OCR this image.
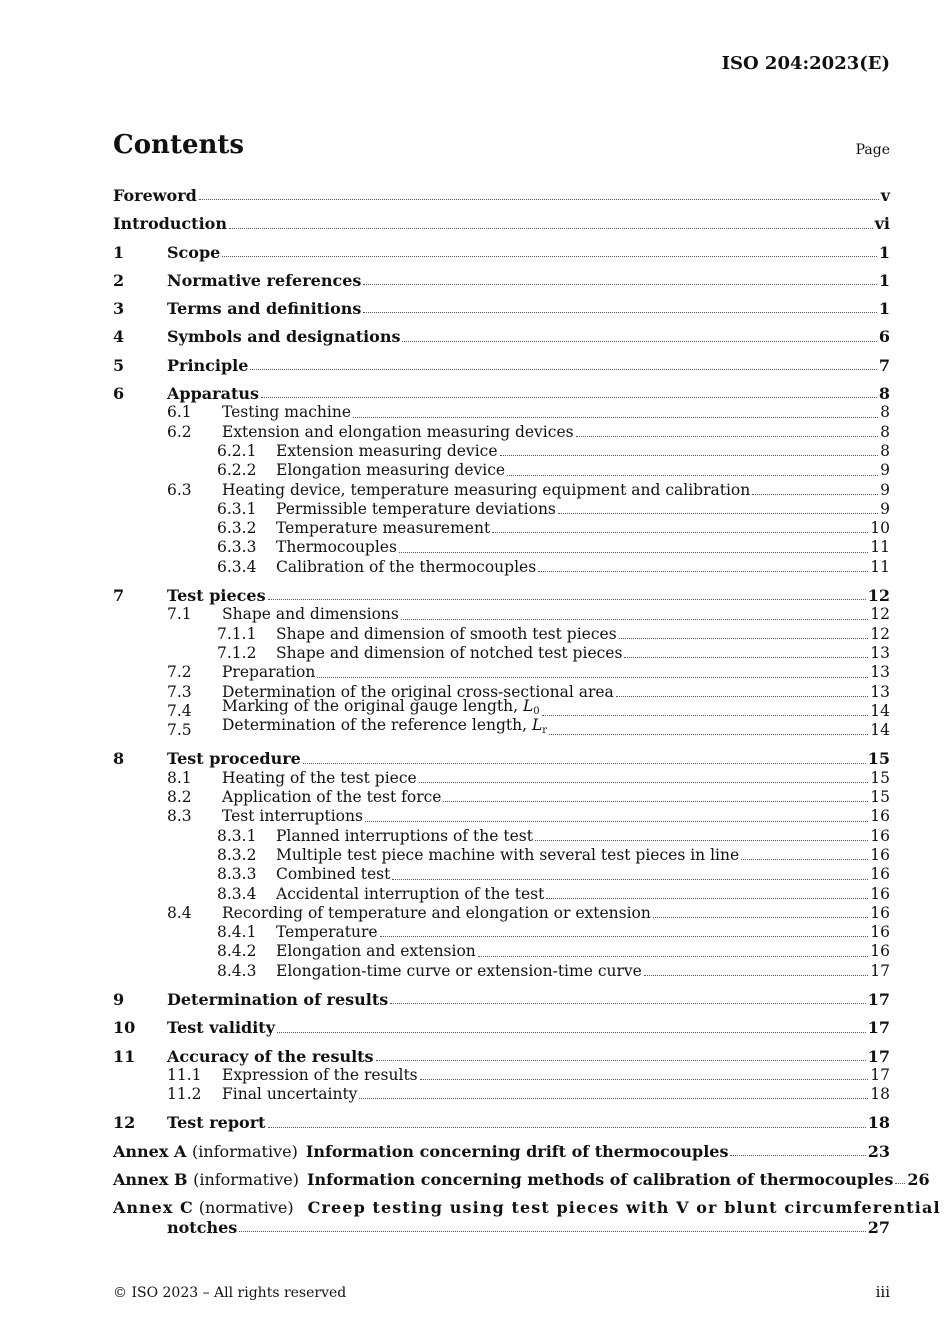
ISO 204:2023(E)
Contents	Page
Foreword	v
Introduction	vi
1	Scope	1
2	Normative references	1
3	Terms and definitions	1
4	Symbols and designations	6
5	Principle	7
6	Apparatus	8
6.1	Testing machine	8
6.2	Extension and elongation measuring devices	8
6.2.1	Extension measuring device	8
6.2.2	Elongation measuring device	9
6.3	Heating device, temperature measuring equipment and calibration	9
6.3.1	Permissible temperature deviations	9
6.3.2	Temperature measurement	10
6.3.3	Thermocouples	11
6.3.4	Calibration of the thermocouples	11
7	Test pieces	12
7.1	Shape and dimensions	12
7.1.1	Shape and dimension of smooth test pieces	12
7.1.2	Shape and dimension of notched test pieces	13
7.2	Preparation	13
7.3	Determination of the original cross-sectional area	13
7.4	Marking of the original gauge length, $L_0$	14
7.5	Determination of the reference length, $L_r$	14
8	Test procedure	15
8.1	Heating of the test piece	15
8.2	Application of the test force	15
8.3	Test interruptions	16
8.3.1	Planned interruptions of the test	16
8.3.2	Multiple test piece machine with several test pieces in line	16
8.3.3	Combined test	16
8.3.4	Accidental interruption of the test	16
8.4	Recording of temperature and elongation or extension	16
8.4.1	Temperature	16
8.4.2	Elongation and extension	16
8.4.3	Elongation-time curve or extension-time curve	17
9	Determination of results	17
10	Test validity	17
11	Accuracy of the results	17
11.1	Expression of the results	17
11.2	Final uncertainty	18
12	Test report	18
Annex A (informative) Information concerning drift of thermocouples	23
Annex B (informative) Information concerning methods of calibration of thermocouples 26
Annex C (normative) Creep testing using test pieces with V or blunt circumferential
notches	27
© ISO 2023 – All rights reserved	iii
